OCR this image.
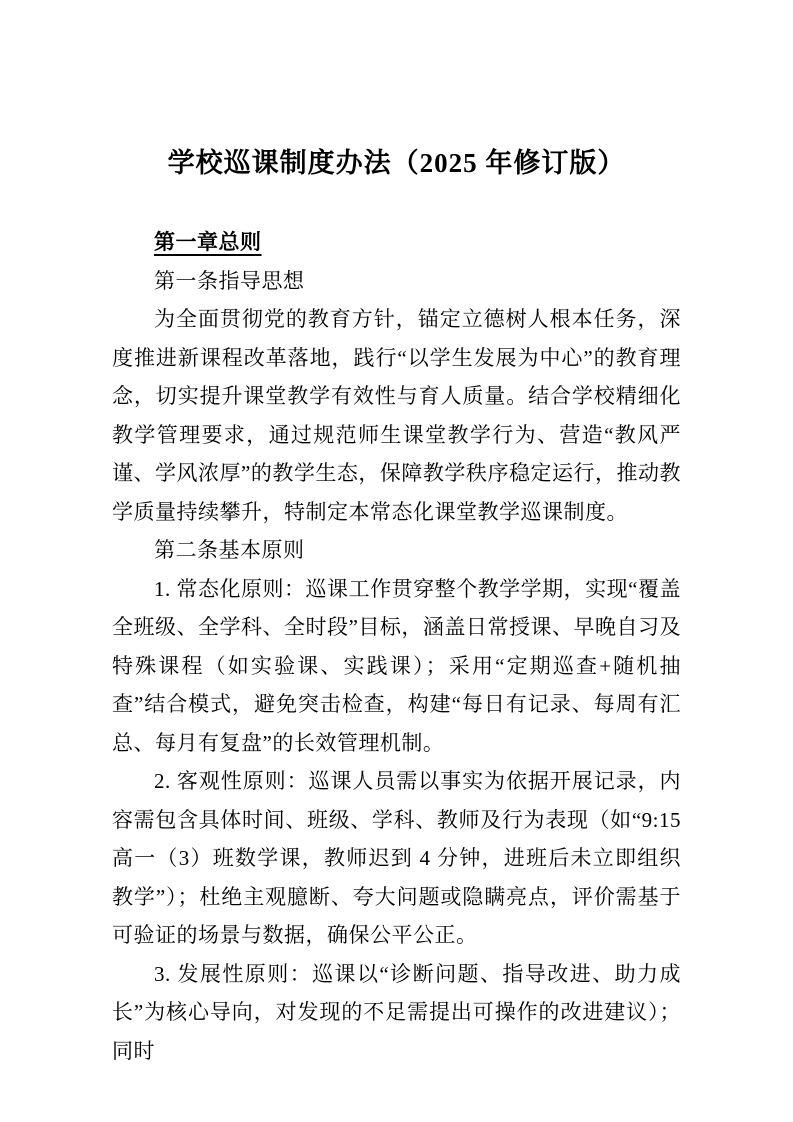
学校巡课制度办法（2025 年修订版）

第一章总则

第一条指导思想

为全面贯彻党的教育方针，锚定立德树人根本任务，深度推进新课程改革落地，践行“以学生发展为中心”的教育理念，切实提升课堂教学有效性与育人质量。结合学校精细化教学管理要求，通过规范师生课堂教学行为、营造“教风严谨、学风浓厚”的教学生态，保障教学秩序稳定运行，推动教学质量持续攀升，特制定本常态化课堂教学巡课制度。

第二条基本原则

1. 常态化原则：巡课工作贯穿整个教学学期，实现“覆盖全班级、全学科、全时段”目标，涵盖日常授课、早晚自习及特殊课程（如实验课、实践课）；采用“定期巡查+随机抽查”结合模式，避免突击检查，构建“每日有记录、每周有汇总、每月有复盘”的长效管理机制。

2. 客观性原则：巡课人员需以事实为依据开展记录，内容需包含具体时间、班级、学科、教师及行为表现（如“9:15 高一（3）班数学课，教师迟到 4 分钟，进班后未立即组织教学”）；杜绝主观臆断、夸大问题或隐瞒亮点，评价需基于可验证的场景与数据，确保公平公正。

3. 发展性原则：巡课以“诊断问题、指导改进、助力成长”为核心导向，对发现的不足需提出可操作的改进建议）；同时
